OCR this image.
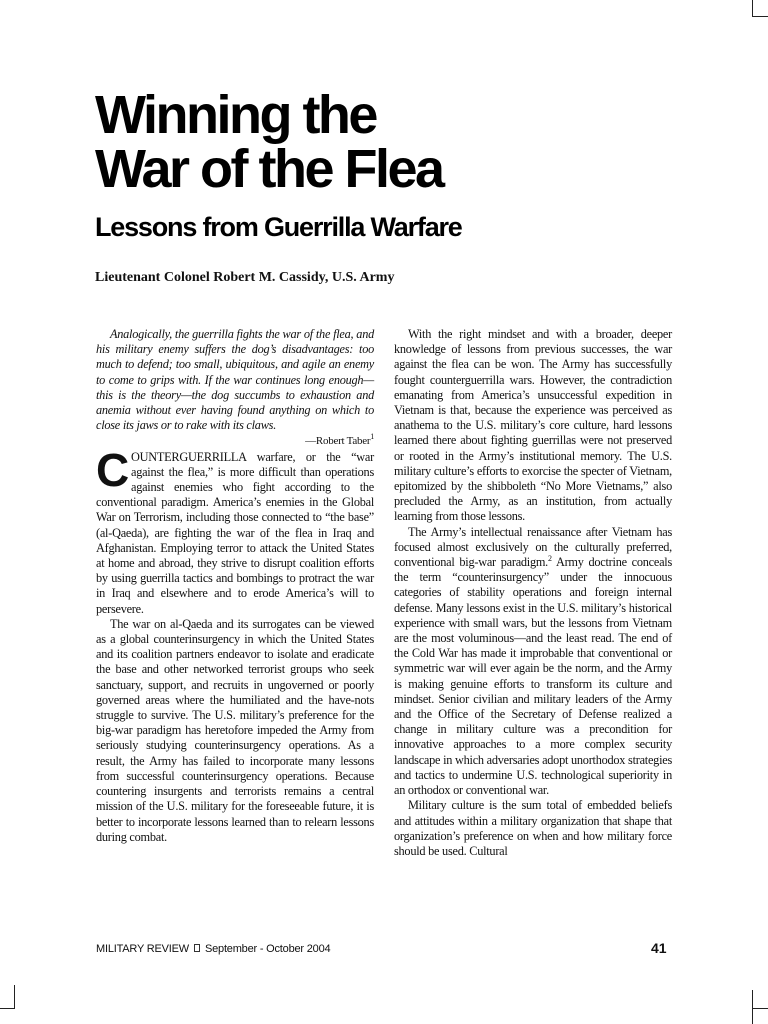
Winning the
War of the Flea
Lessons from Guerrilla Warfare
Lieutenant Colonel Robert M. Cassidy, U.S. Army

Analogically, the guerrilla fights the war of the flea, and his military enemy suffers the dog’s disadvantages: too much to defend; too small, ubiquitous, and agile an enemy to come to grips with. If the war continues long enough—this is the theory—the dog succumbs to exhaustion and anemia without ever having found anything on which to close its jaws or to rake with its claws.

—Robert Taber$^1$

COUNTERGUERRILLA warfare, or the “war against the flea,” is more difficult than operations against enemies who fight according to the conventional paradigm. America’s enemies in the Global War on Terrorism, including those connected to “the base” (al-Qaeda), are fighting the war of the flea in Iraq and Afghanistan. Employing terror to attack the United States at home and abroad, they strive to disrupt coalition efforts by using guerrilla tactics and bombings to protract the war in Iraq and elsewhere and to erode America’s will to persevere.

The war on al-Qaeda and its surrogates can be viewed as a global counterinsurgency in which the United States and its coalition partners endeavor to isolate and eradicate the base and other networked terrorist groups who seek sanctuary, support, and recruits in ungoverned or poorly governed areas where the humiliated and the have-nots struggle to survive. The U.S. military’s preference for the big-war paradigm has heretofore impeded the Army from seriously studying counterinsurgency operations. As a result, the Army has failed to incorporate many lessons from successful counterinsurgency operations. Because countering insurgents and terrorists remains a central mission of the U.S. military for the foreseeable future, it is better to incorporate lessons learned than to relearn lessons during combat.

With the right mindset and with a broader, deeper knowledge of lessons from previous successes, the war against the flea can be won. The Army has successfully fought counterguerrilla wars. However, the contradiction emanating from America’s unsuccessful expedition in Vietnam is that, because the experience was perceived as anathema to the U.S. military’s core culture, hard lessons learned there about fighting guerrillas were not preserved or rooted in the Army’s institutional memory. The U.S. military culture’s efforts to exorcise the specter of Vietnam, epitomized by the shibboleth “No More Vietnams,” also precluded the Army, as an institution, from actually learning from those lessons.

The Army’s intellectual renaissance after Vietnam has focused almost exclusively on the culturally preferred, conventional big-war paradigm.$^2$ Army doctrine conceals the term “counterinsurgency” under the innocuous categories of stability operations and foreign internal defense. Many lessons exist in the U.S. military’s historical experience with small wars, but the lessons from Vietnam are the most voluminous—and the least read. The end of the Cold War has made it improbable that conventional or symmetric war will ever again be the norm, and the Army is making genuine efforts to transform its culture and mindset. Senior civilian and military leaders of the Army and the Office of the Secretary of Defense realized a change in military culture was a precondition for innovative approaches to a more complex security landscape in which adversaries adopt unorthodox strategies and tactics to undermine U.S. technological superiority in an orthodox or conventional war.

Military culture is the sum total of embedded beliefs and attitudes within a military organization that shape that organization’s preference on when and how military force should be used. Cultural

MILITARY REVIEW September - October 2004	41
